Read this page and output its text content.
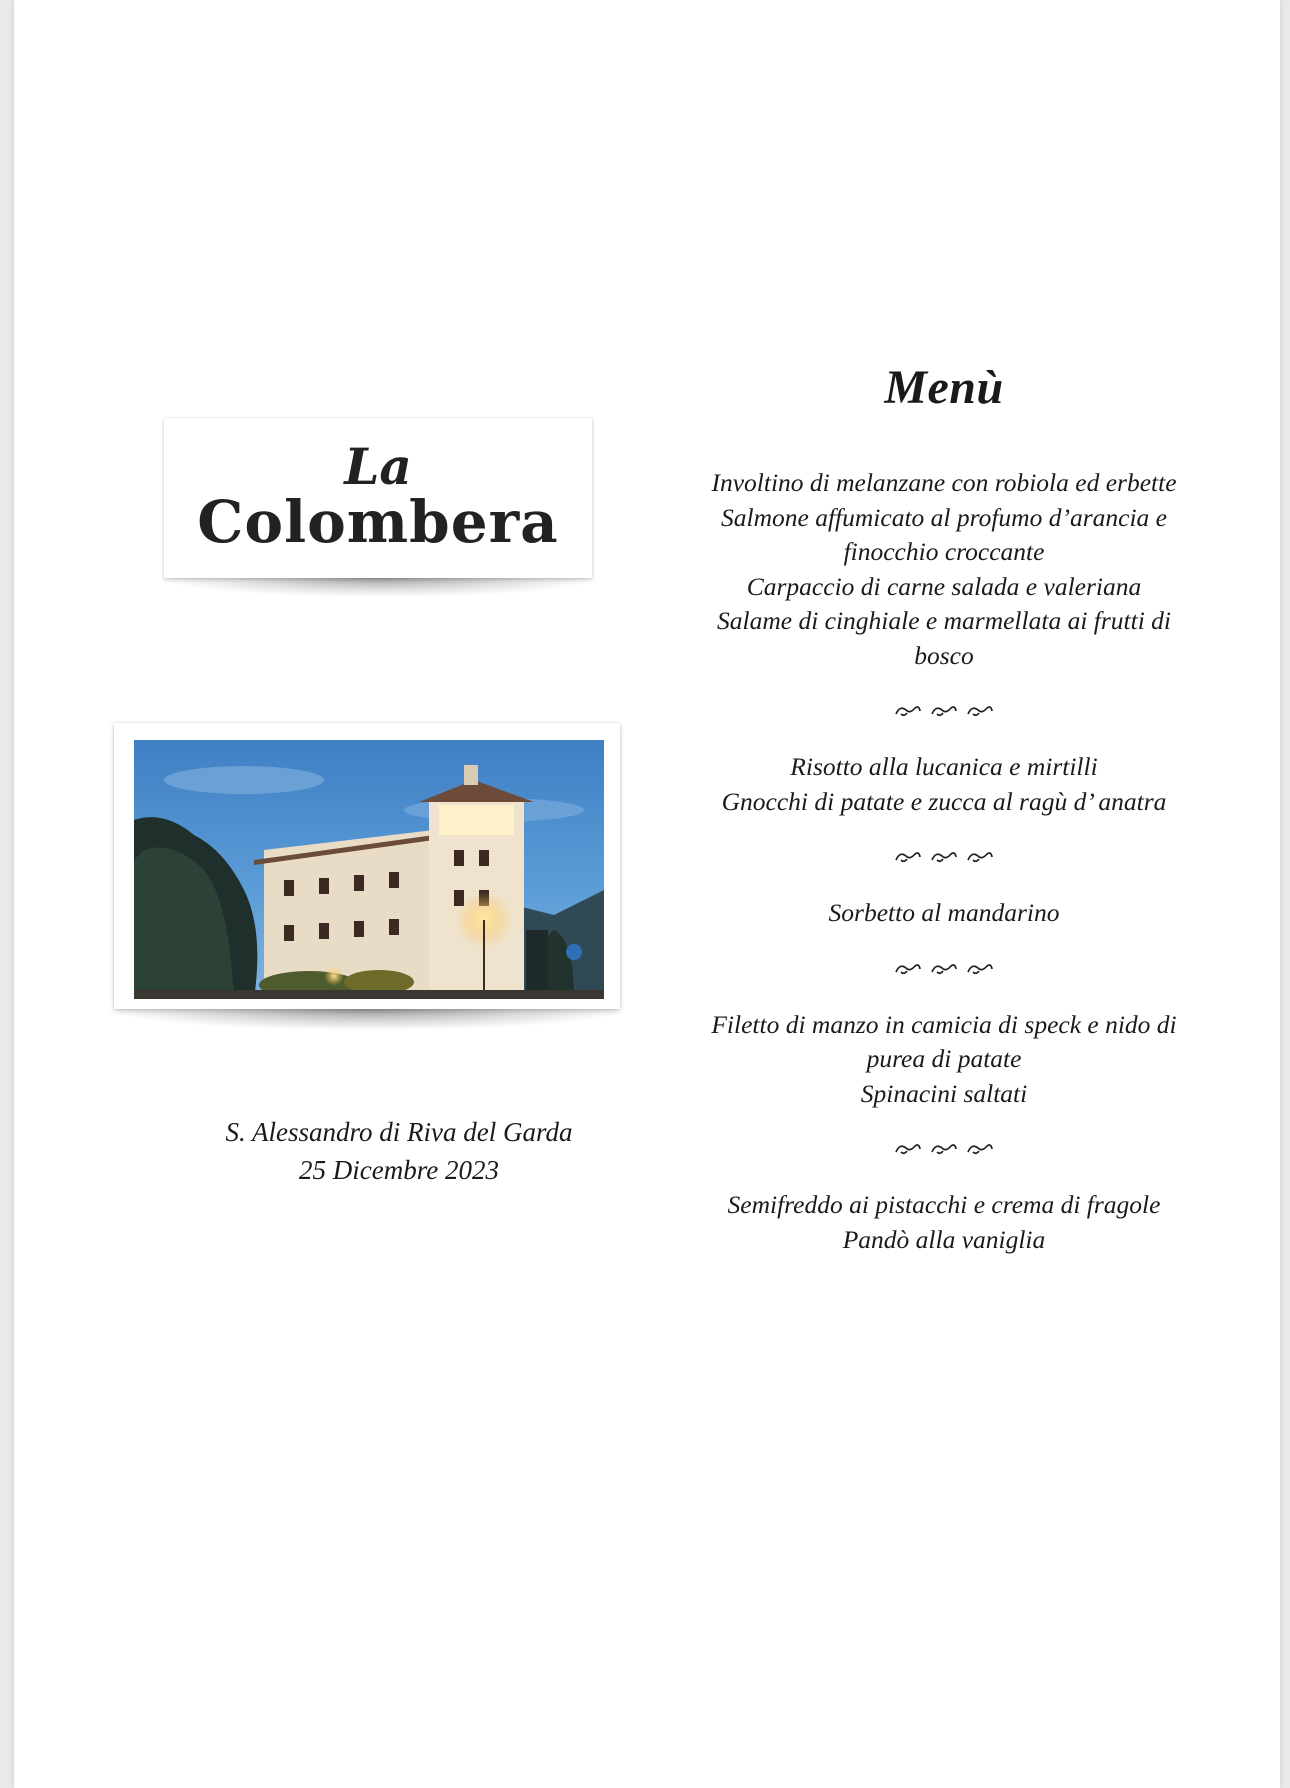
La
Colombera
S. Alessandro di Riva del Garda
25 Dicembre 2023
Menù
Involtino di melanzane con robiola ed erbette
Salmone affumicato al profumo d’arancia e
finocchio croccante
Carpaccio di carne salada e valeriana
Salame di cinghiale e marmellata ai frutti di
bosco
Risotto alla lucanica e mirtilli
Gnocchi di patate e zucca al ragù d’ anatra
Sorbetto al mandarino
Filetto di manzo in camicia di speck e nido di
purea di patate
Spinacini saltati
Semifreddo ai pistacchi e crema di fragole
Pandò alla vaniglia
